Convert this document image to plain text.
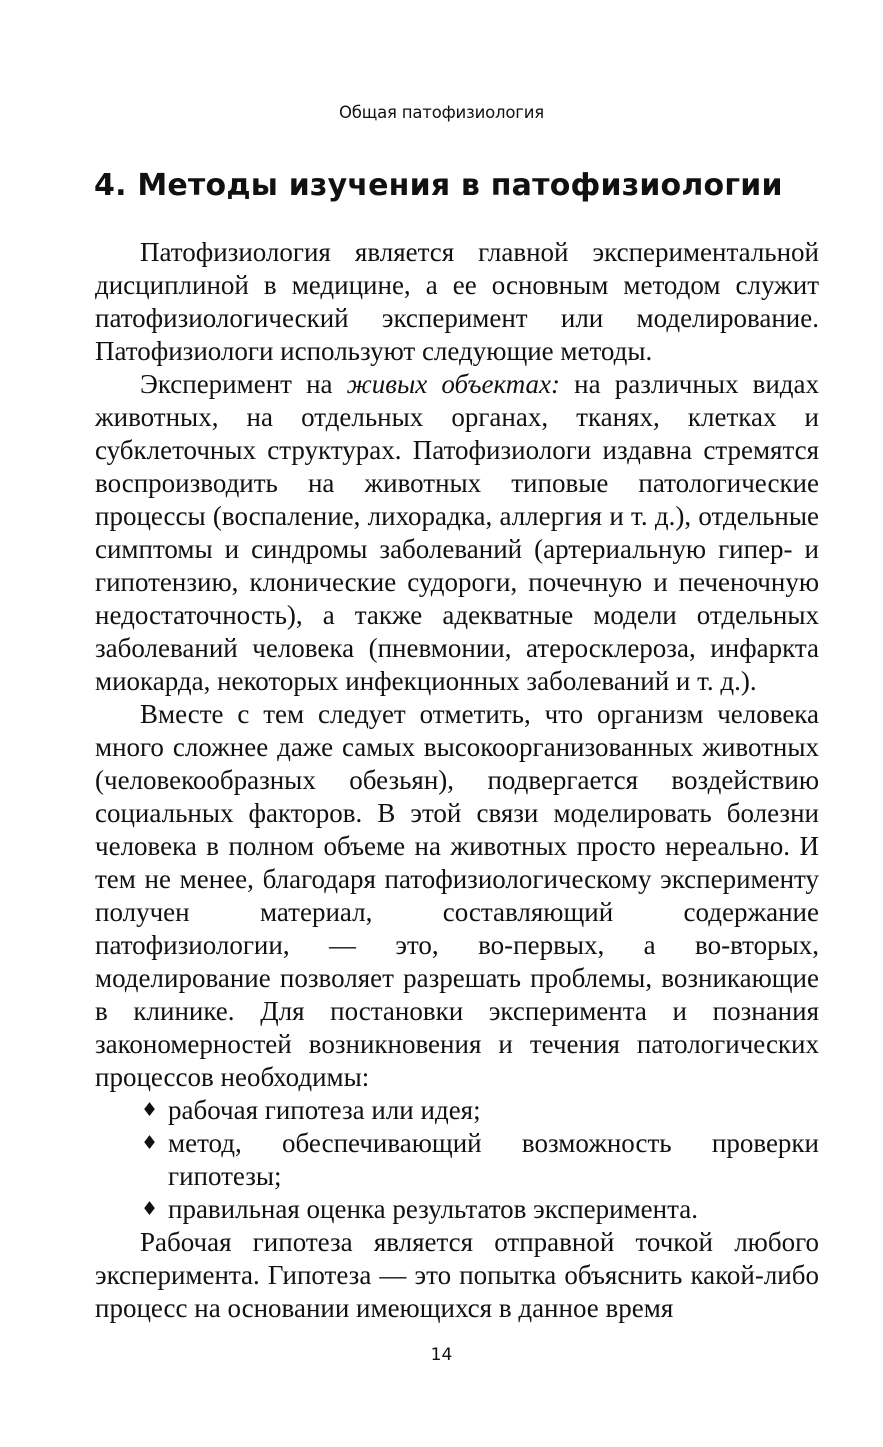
Общая патофизиология
4. Методы изучения в патофизиологии

Патофизиология является главной экспериментальной дисциплиной в медицине, а ее основным методом служит патофизиологический эксперимент или моделирование. Патофизиологи используют следующие методы.

Эксперимент на живых объектах: на различных видах животных, на отдельных органах, тканях, клетках и субклеточных структурах. Патофизиологи издавна стремятся воспроизводить на животных типовые патологические процессы (воспаление, лихорадка, аллергия и т. д.), отдельные симптомы и синдромы заболеваний (артериальную гипер- и гипотензию, клонические судороги, почечную и печеночную недостаточность), а также адекватные модели отдельных заболеваний человека (пневмонии, атеросклероза, инфаркта миокарда, некоторых инфекционных заболеваний и т. д.).

Вместе с тем следует отметить, что организм человека много сложнее даже самых высокоорганизованных животных (человекообразных обезьян), подвергается воздействию социальных факторов. В этой связи моделировать болезни человека в полном объеме на животных просто нереально. И тем не менее, благодаря патофизиологическому эксперименту получен материал, составляющий содержание патофизиологии, — это, во-первых, а во-вторых, моделирование позволяет разрешать проблемы, возникающие в клинике. Для постановки эксперимента и познания закономерностей возникновения и течения патологических процессов необходимы:

♦ рабочая гипотеза или идея;
♦ метод, обеспечивающий возможность проверки гипотезы;
♦ правильная оценка результатов эксперимента.

Рабочая гипотеза является отправной точкой любого эксперимента. Гипотеза — это попытка объяснить какой-либо процесс на основании имеющихся в данное время

14
